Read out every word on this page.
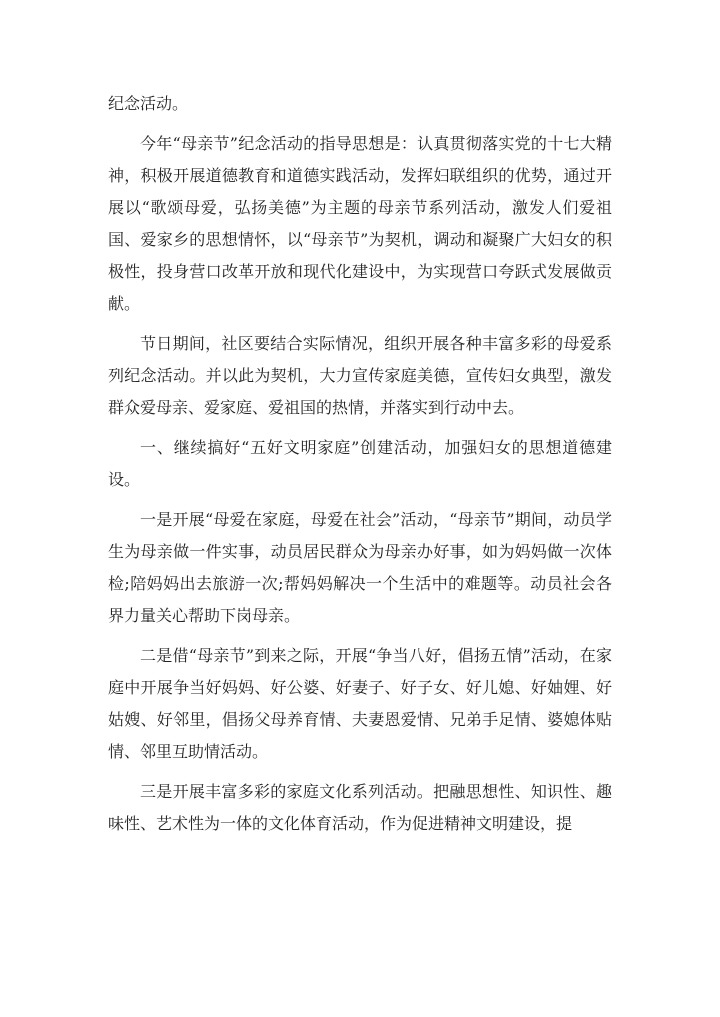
纪念活动。

今年“母亲节”纪念活动的指导思想是：认真贯彻落实党的十七大精神，积极开展道德教育和道德实践活动，发挥妇联组织的优势，通过开展以“歌颂母爱，弘扬美德”为主题的母亲节系列活动，激发人们爱祖国、爱家乡的思想情怀，以“母亲节”为契机，调动和凝聚广大妇女的积极性，投身营口改革开放和现代化建设中，为实现营口夸跃式发展做贡献。

节日期间，社区要结合实际情况，组织开展各种丰富多彩的母爱系列纪念活动。并以此为契机，大力宣传家庭美德，宣传妇女典型，激发群众爱母亲、爱家庭、爱祖国的热情，并落实到行动中去。

一、继续搞好“五好文明家庭”创建活动，加强妇女的思想道德建设。

一是开展“母爱在家庭，母爱在社会”活动，“母亲节”期间，动员学生为母亲做一件实事，动员居民群众为母亲办好事，如为妈妈做一次体检;陪妈妈出去旅游一次;帮妈妈解决一个生活中的难题等。动员社会各界力量关心帮助下岗母亲。

二是借“母亲节”到来之际，开展“争当八好，倡扬五情”活动，在家庭中开展争当好妈妈、好公婆、好妻子、好子女、好儿媳、好妯娌、好姑嫂、好邻里，倡扬父母养育情、夫妻恩爱情、兄弟手足情、婆媳体贴情、邻里互助情活动。

三是开展丰富多彩的家庭文化系列活动。把融思想性、知识性、趣味性、艺术性为一体的文化体育活动，作为促进精神文明建设，提
